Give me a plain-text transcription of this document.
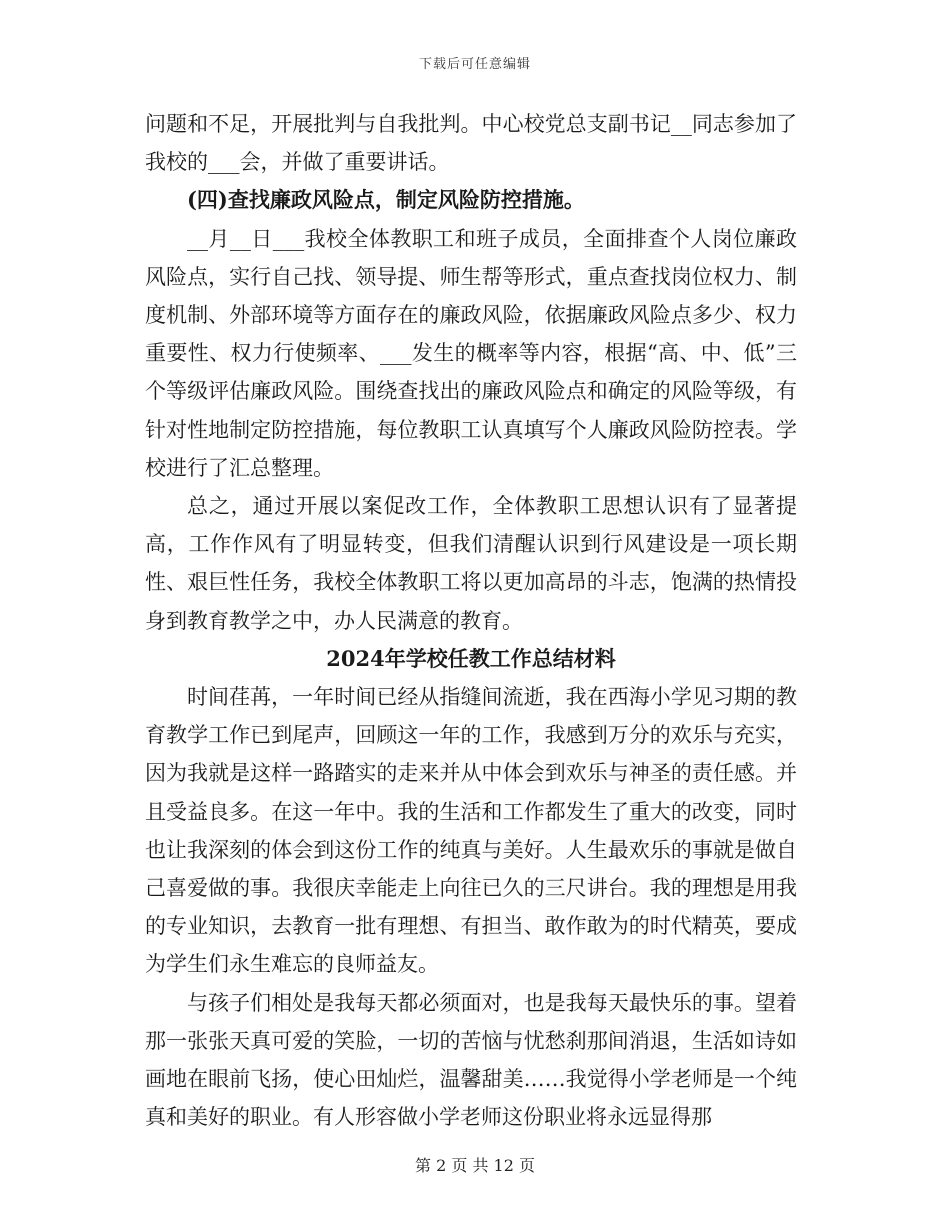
下载后可任意编辑

问题和不足，开展批判与自我批判。中心校党总支副书记__同志参加了我校的___会，并做了重要讲话。

(四)查找廉政风险点，制定风险防控措施。

__月__日___我校全体教职工和班子成员，全面排查个人岗位廉政风险点，实行自己找、领导提、师生帮等形式，重点查找岗位权力、制度机制、外部环境等方面存在的廉政风险，依据廉政风险点多少、权力重要性、权力行使频率、___发生的概率等内容，根据“高、中、低”三个等级评估廉政风险。围绕查找出的廉政风险点和确定的风险等级，有针对性地制定防控措施，每位教职工认真填写个人廉政风险防控表。学校进行了汇总整理。

总之，通过开展以案促改工作，全体教职工思想认识有了显著提高，工作作风有了明显转变，但我们清醒认识到行风建设是一项长期性、艰巨性任务，我校全体教职工将以更加高昂的斗志，饱满的热情投身到教育教学之中，办人民满意的教育。

2024年学校任教工作总结材料

时间荏苒，一年时间已经从指缝间流逝，我在西海小学见习期的教育教学工作已到尾声，回顾这一年的工作，我感到万分的欢乐与充实，因为我就是这样一路踏实的走来并从中体会到欢乐与神圣的责任感。并且受益良多。在这一年中。我的生活和工作都发生了重大的改变，同时也让我深刻的体会到这份工作的纯真与美好。人生最欢乐的事就是做自己喜爱做的事。我很庆幸能走上向往已久的三尺讲台。我的理想是用我的专业知识，去教育一批有理想、有担当、敢作敢为的时代精英，要成为学生们永生难忘的良师益友。

与孩子们相处是我每天都必须面对，也是我每天最快乐的事。望着那一张张天真可爱的笑脸，一切的苦恼与忧愁刹那间消退，生活如诗如画地在眼前飞扬，使心田灿烂，温馨甜美……我觉得小学老师是一个纯真和美好的职业。有人形容做小学老师这份职业将永远显得那

第 2 页 共 12 页
